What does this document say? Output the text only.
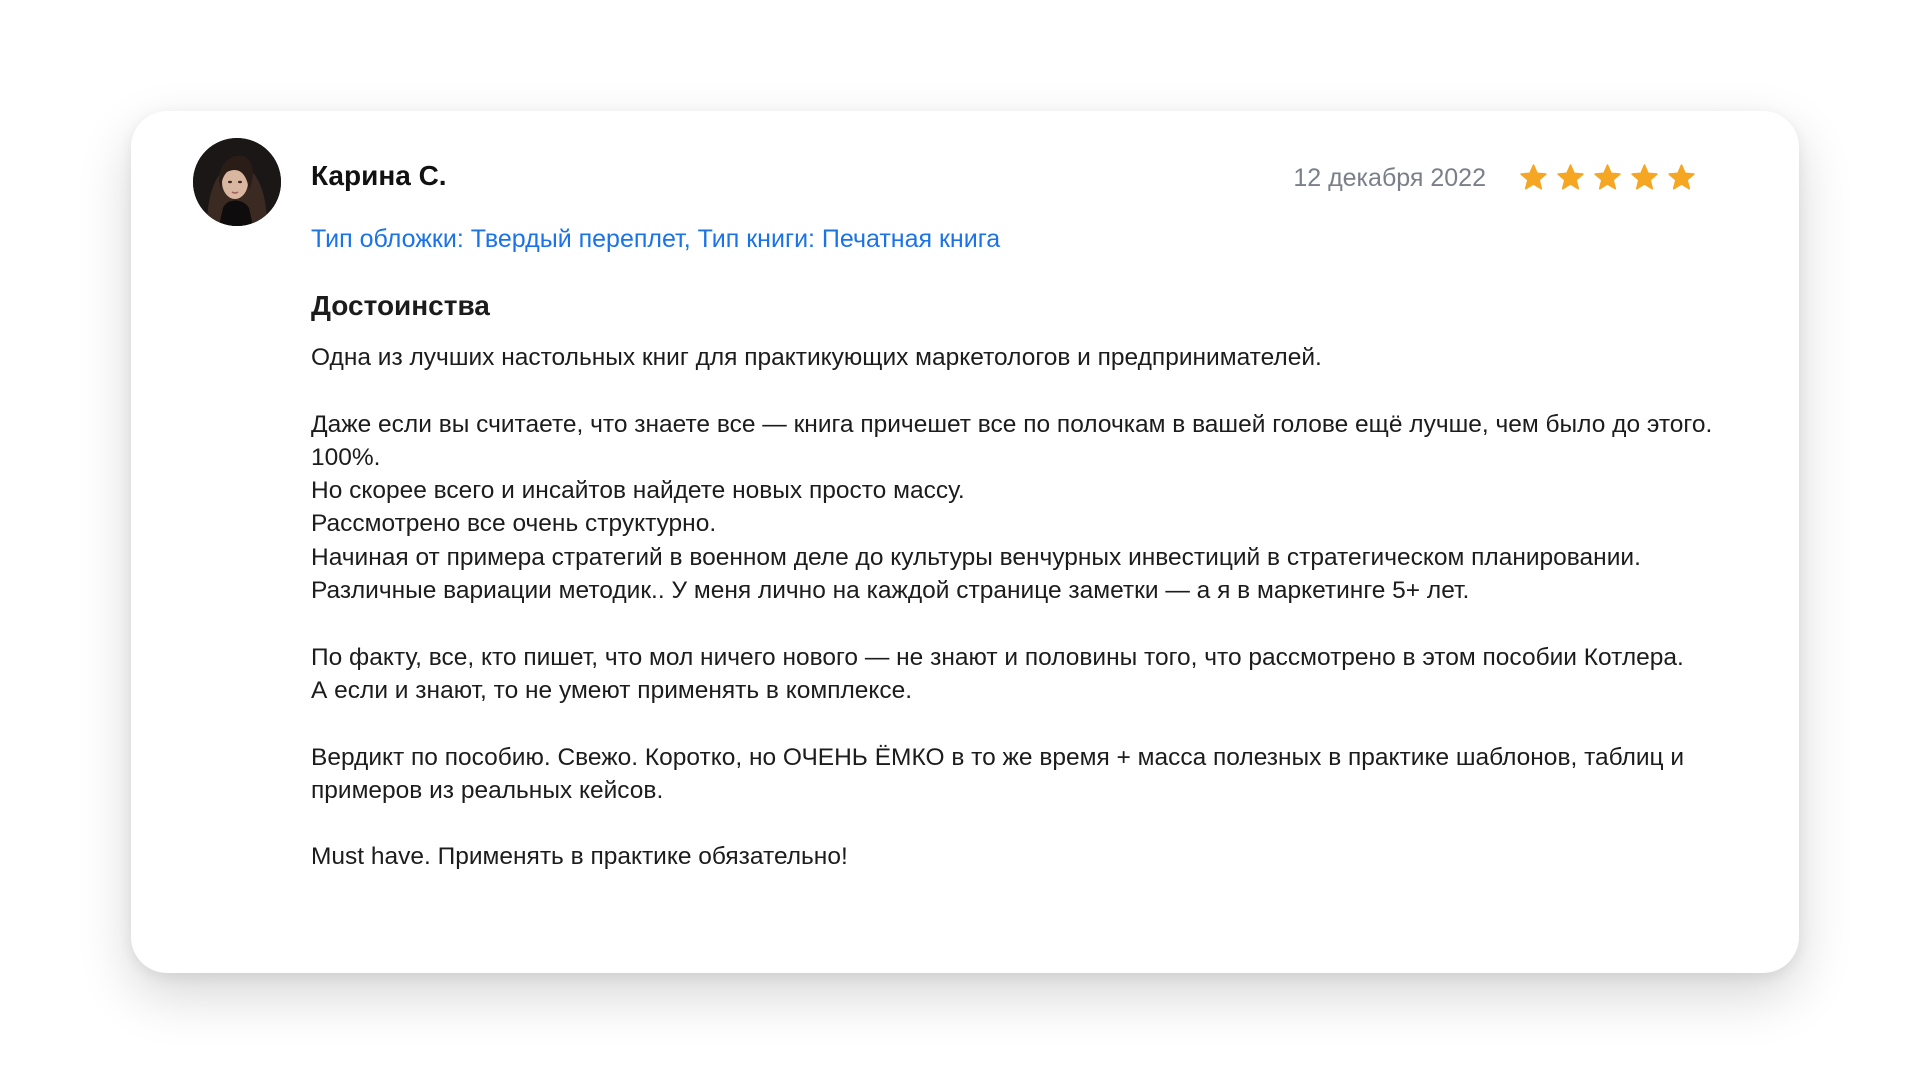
Карина С.	12 декабря 2022
Тип обложки: Твердый переплет, Тип книги: Печатная книга
Достоинства

Одна из лучших настольных книг для практикующих маркетологов и предпринимателей.

Даже если вы считаете, что знаете все — книга причешет все по полочкам в вашей голове ещё лучше, чем было до этого. 100%.
Но скорее всего и инсайтов найдете новых просто массу.
Рассмотрено все очень структурно.
Начиная от примера стратегий в военном деле до культуры венчурных инвестиций в стратегическом планировании.
Различные вариации методик.. У меня лично на каждой странице заметки — а я в маркетинге 5+ лет.

По факту, все, кто пишет, что мол ничего нового — не знают и половины того, что рассмотрено в этом пособии Котлера.
А если и знают, то не умеют применять в комплексе.

Вердикт по пособию. Свежо. Коротко, но ОЧЕНЬ ЁМКО в то же время + масса полезных в практике шаблонов, таблиц и примеров из реальных кейсов.

Must have. Применять в практике обязательно!
